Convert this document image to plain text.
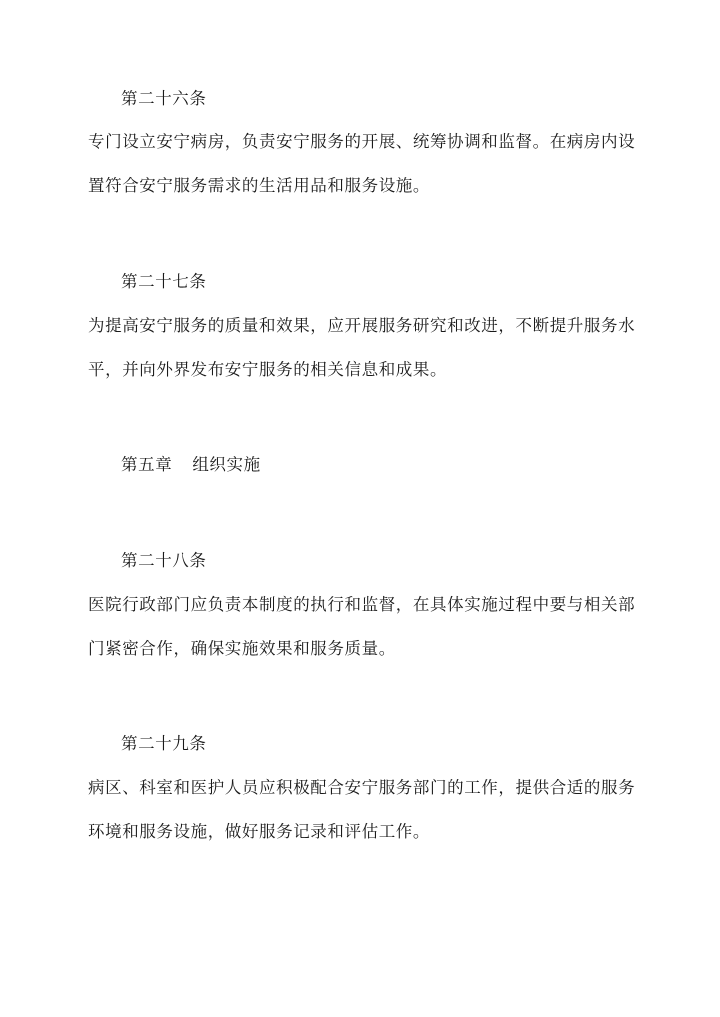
第二十六条
专门设立安宁病房，负责安宁服务的开展、统筹协调和监督。在病房内设
置符合安宁服务需求的生活用品和服务设施。
第二十七条
为提高安宁服务的质量和效果，应开展服务研究和改进，不断提升服务水
平，并向外界发布安宁服务的相关信息和成果。
第五章 组织实施
第二十八条
医院行政部门应负责本制度的执行和监督，在具体实施过程中要与相关部
门紧密合作，确保实施效果和服务质量。
第二十九条
病区、科室和医护人员应积极配合安宁服务部门的工作，提供合适的服务
环境和服务设施，做好服务记录和评估工作。
